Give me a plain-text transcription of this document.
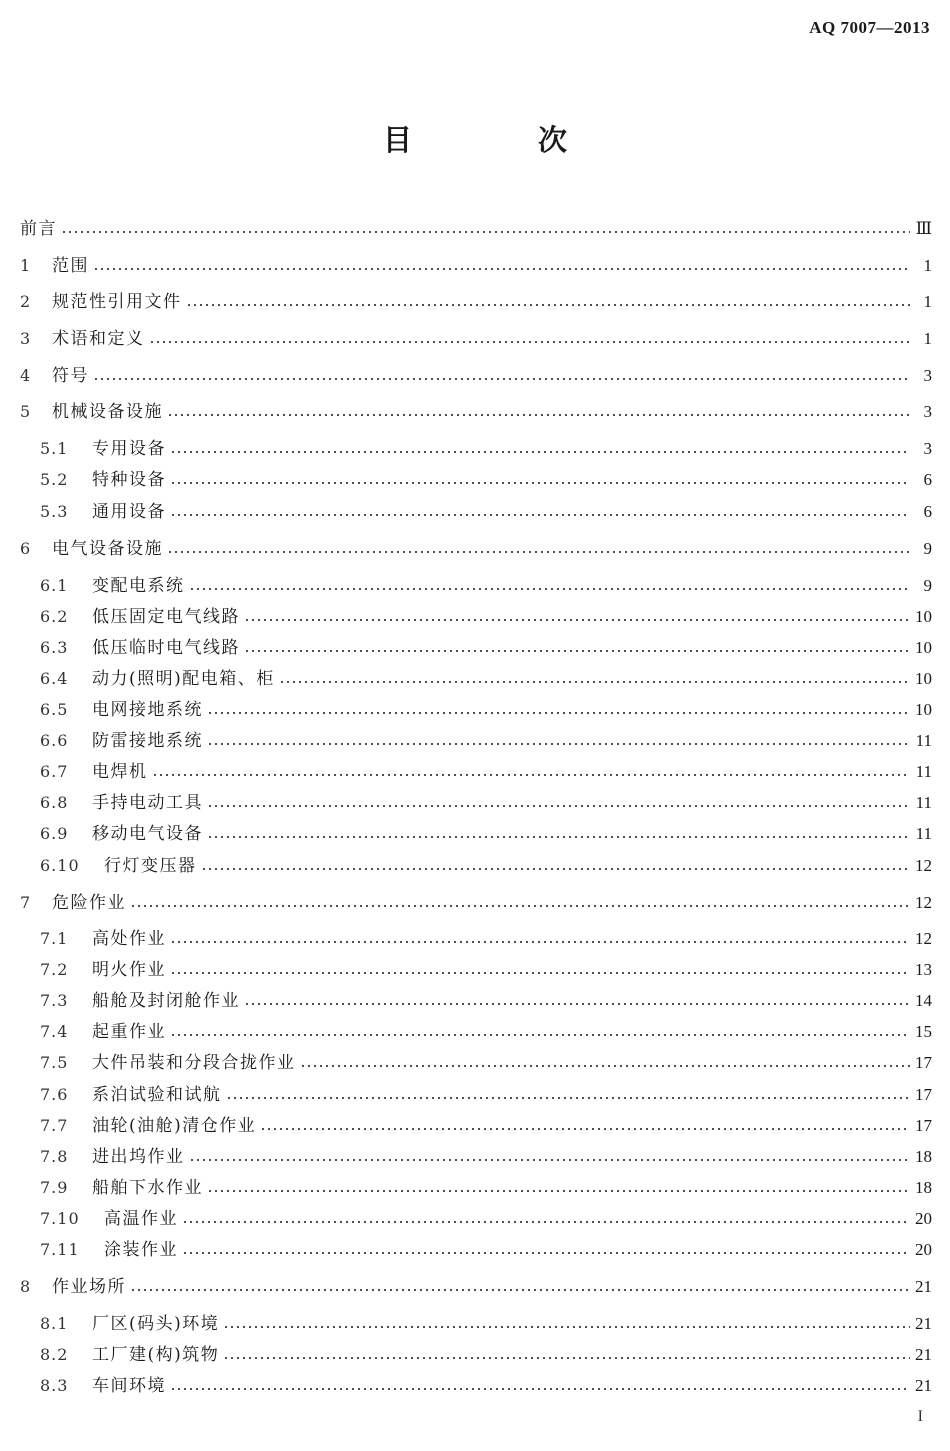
AQ 7007—2013
目 次
前言	Ⅲ
1	范围	1
2	规范性引用文件	1
3	术语和定义	1
4	符号	3
5	机械设备设施	3
5.1	专用设备	3
5.2	特种设备	6
5.3	通用设备	6
6	电气设备设施	9
6.1	变配电系统	9
6.2	低压固定电气线路	10
6.3	低压临时电气线路	10
6.4	动力(照明)配电箱、柜	10
6.5	电网接地系统	10
6.6	防雷接地系统	11
6.7	电焊机	11
6.8	手持电动工具	11
6.9	移动电气设备	11
6.10	行灯变压器	12
7	危险作业	12
7.1	高处作业	12
7.2	明火作业	13
7.3	船舱及封闭舱作业	14
7.4	起重作业	15
7.5	大件吊装和分段合拢作业	17
7.6	系泊试验和试航	17
7.7	油轮(油舱)清仓作业	17
7.8	进出坞作业	18
7.9	船舶下水作业	18
7.10	高温作业	20
7.11	涂装作业	20
8	作业场所	21
8.1	厂区(码头)环境	21
8.2	工厂建(构)筑物	21
8.3	车间环境	21
I
